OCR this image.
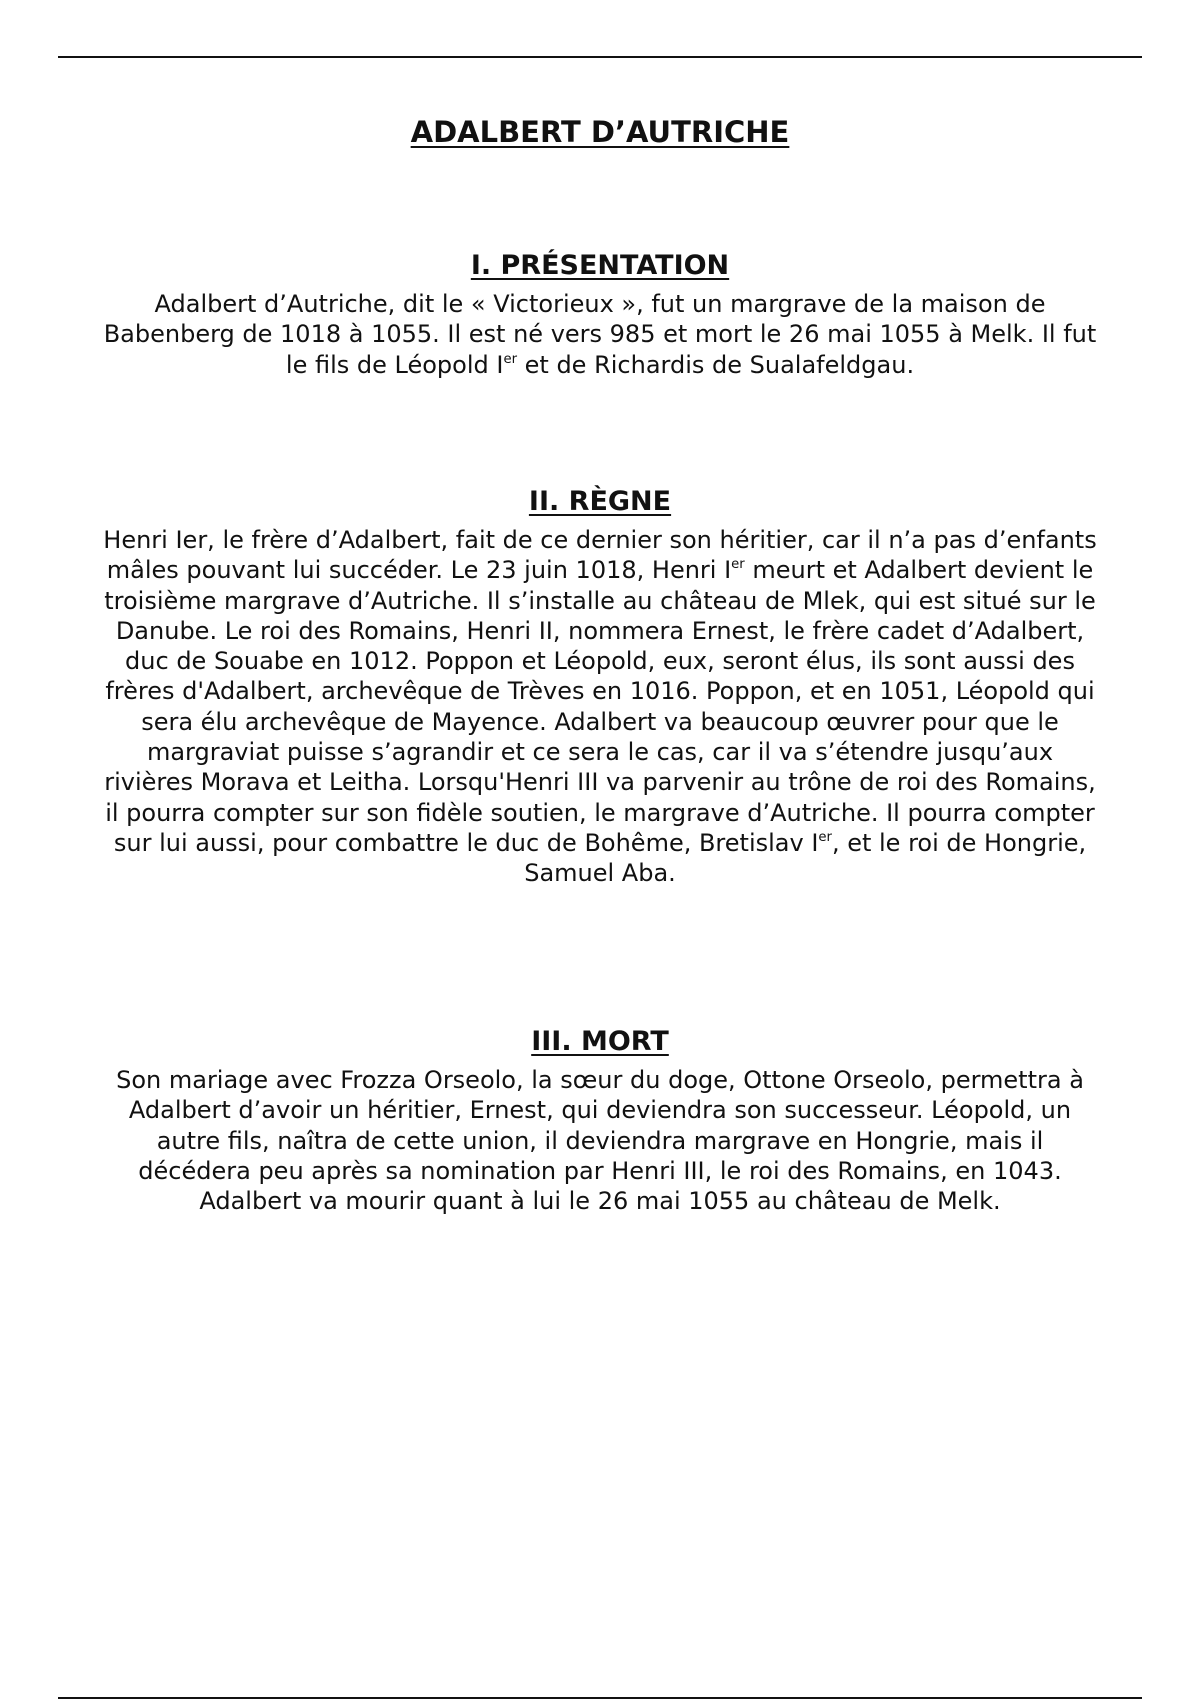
ADALBERT D’AUTRICHE
I. PRÉSENTATION

Adalbert d’Autriche, dit le « Victorieux », fut un margrave de la maison de Babenberg de 1018 à 1055. Il est né vers 985 et mort le 26 mai 1055 à Melk. Il fut le fils de Léopold Ier et de Richardis de Sualafeldgau.

II. RÈGNE

Henri Ier, le frère d’Adalbert, fait de ce dernier son héritier, car il n’a pas d’enfants mâles pouvant lui succéder. Le 23 juin 1018, Henri Ier meurt et Adalbert devient le troisième margrave d’Autriche. Il s’installe au château de Mlek, qui est situé sur le Danube. Le roi des Romains, Henri II, nommera Ernest, le frère cadet d’Adalbert, duc de Souabe en 1012. Poppon et Léopold, eux, seront élus, ils sont aussi des frères d'Adalbert, archevêque de Trèves en 1016. Poppon, et en 1051, Léopold qui sera élu archevêque de Mayence. Adalbert va beaucoup œuvrer pour que le margraviat puisse s’agrandir et ce sera le cas, car il va s’étendre jusqu’aux rivières Morava et Leitha. Lorsqu'Henri III va parvenir au trône de roi des Romains, il pourra compter sur son fidèle soutien, le margrave d’Autriche. Il pourra compter sur lui aussi, pour combattre le duc de Bohême, Bretislav Ier, et le roi de Hongrie, Samuel Aba.

III. MORT

Son mariage avec Frozza Orseolo, la sœur du doge, Ottone Orseolo, permettra à Adalbert d’avoir un héritier, Ernest, qui deviendra son successeur. Léopold, un autre fils, naîtra de cette union, il deviendra margrave en Hongrie, mais il décédera peu après sa nomination par Henri III, le roi des Romains, en 1043. Adalbert va mourir quant à lui le 26 mai 1055 au château de Melk.
